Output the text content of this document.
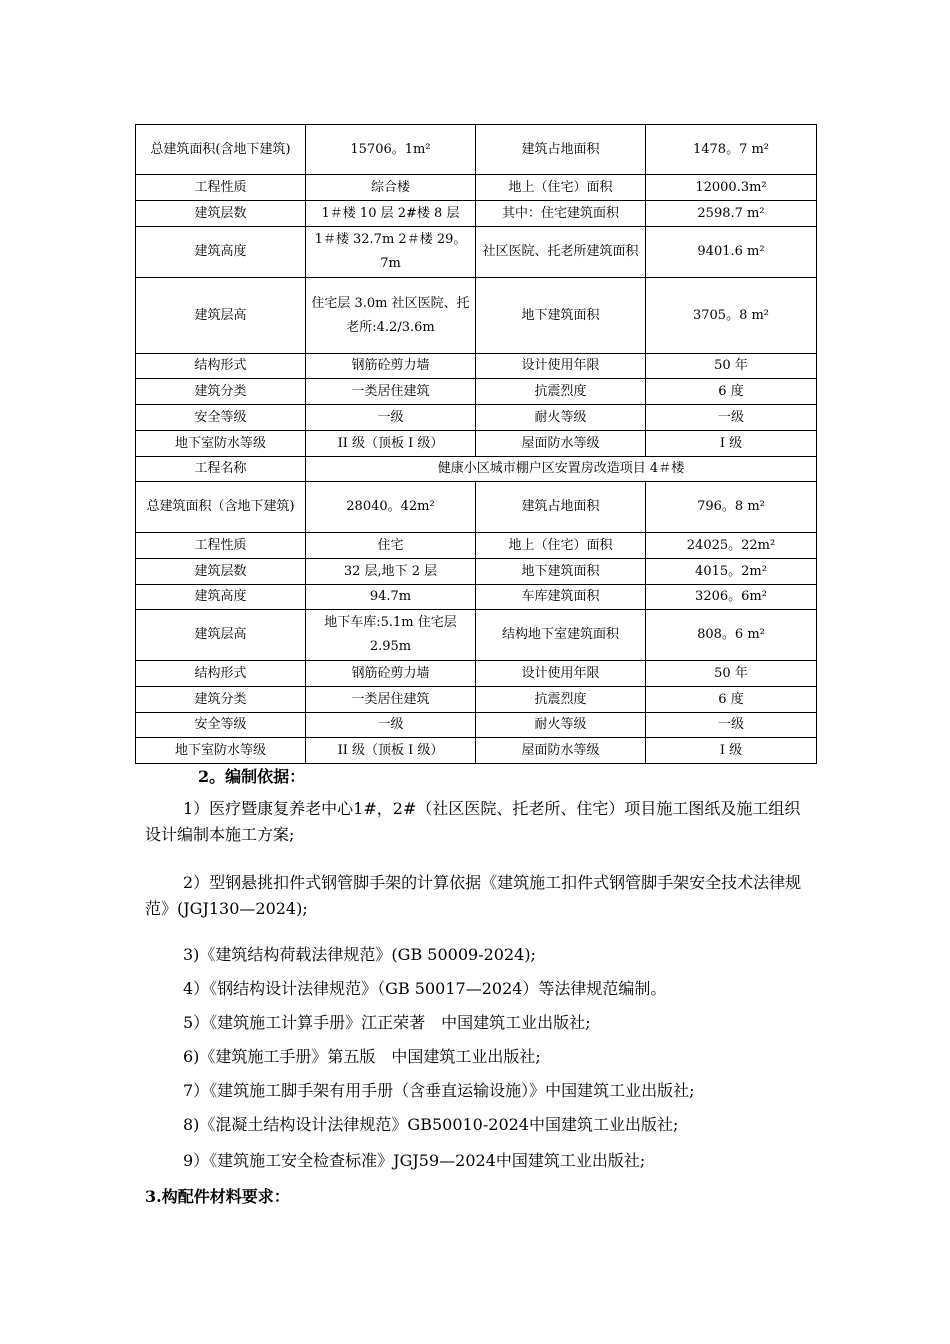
总建筑面积(含地下建筑)	15706。1m²	建筑占地面积	1478。7 m²
工程性质	综合楼	地上（住宅）面积	12000.3m²
建筑层数	1＃楼 10 层 2#楼 8 层	其中：住宅建筑面积	2598.7 m²
建筑高度	1＃楼 32.7m 2＃楼 29。7m	社区医院、托老所建筑面积	9401.6 m²
建筑层高	住宅层 3.0m 社区医院、托老所:4.2/3.6m	地下建筑面积	3705。8 m²
结构形式	钢筋砼剪力墙	设计使用年限	50 年
建筑分类	一类居住建筑	抗震烈度	6 度
安全等级	一级	耐火等级	一级
地下室防水等级	II 级（顶板 I 级）	屋面防水等级	I 级
工程名称	健康小区城市棚户区安置房改造项目 4＃楼		
总建筑面积（含地下建筑)	28040。42m²	建筑占地面积	796。8 m²
工程性质	住宅	地上（住宅）面积	24025。22m²
建筑层数	32 层,地下 2 层	地下建筑面积	4015。2m²
建筑高度	94.7m	车库建筑面积	3206。6m²
建筑层高	地下车库:5.1m 住宅层 2.95m	结构地下室建筑面积	808。6 m²
结构形式	钢筋砼剪力墙	设计使用年限	50 年
建筑分类	一类居住建筑	抗震烈度	6 度
安全等级	一级	耐火等级	一级
地下室防水等级	II 级（顶板 I 级）	屋面防水等级	I 级
2。编制依据：
1）医疗暨康复养老中心1#，2#（社区医院、托老所、住宅）项目施工图纸及施工组织设计编制本施工方案;
2）型钢悬挑扣件式钢管脚手架的计算依据《建筑施工扣件式钢管脚手架安全技术法律规范》(JGJ130—2024);
3)《建筑结构荷载法律规范》(GB 50009-2024);
4）《钢结构设计法律规范》（GB 50017—2024）等法律规范编制。
5）《建筑施工计算手册》江正荣著　中国建筑工业出版社;
6)《建筑施工手册》第五版　中国建筑工业出版社;
7）《建筑施工脚手架有用手册（含垂直运输设施）》中国建筑工业出版社;
8)《混凝土结构设计法律规范》GB50010-2024中国建筑工业出版社;
9）《建筑施工安全检查标准》JGJ59—2024中国建筑工业出版社;
3.构配件材料要求：
